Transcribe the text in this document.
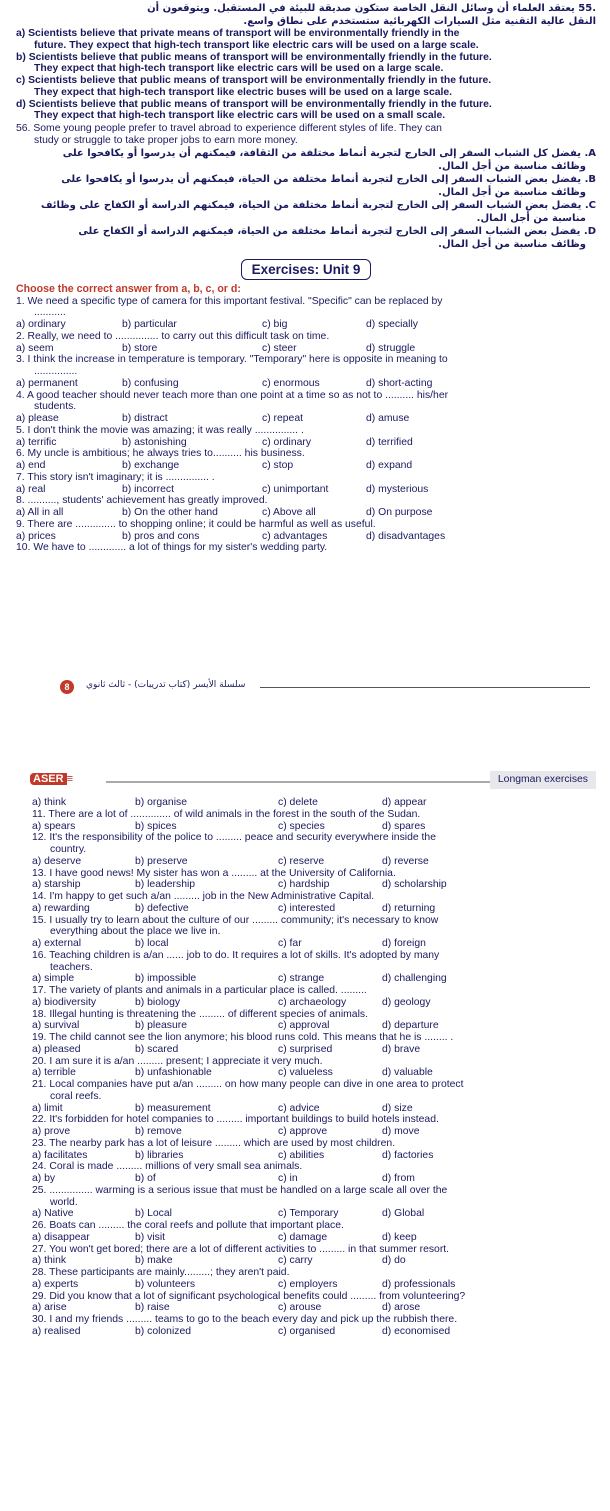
.55 يعتقد العلماء أن وسائل النقل الخاصة ستكون صديقة للبيئة في المستقبل. ويتوقعون أن
النقل عالية التقنية مثل السيارات الكهربائية ستستخدم على نطاق واسع.
a) Scientists believe that private means of transport will be environmentally friendly in the
future. They expect that high-tech transport like electric cars will be used on a large scale.
b) Scientists believe that public means of transport will be environmentally friendly in the future.
They expect that high-tech transport like electric cars will be used on a large scale.
c) Scientists believe that public means of transport will be environmentally friendly in the future.
They expect that high-tech transport like electric buses will be used on a large scale.
d) Scientists believe that public means of transport will be environmentally friendly in the future.
They expect that high-tech transport like electric cars will be used on a small scale.
56. Some young people prefer to travel abroad to experience different styles of life. They can
study or struggle to take proper jobs to earn more money.
A. يفضل كل الشباب السفر إلى الخارج لتجربة أنماط مختلفة من الثقافة، فيمكنهم أن يدرسوا أو يكافحوا على
وظائف مناسبة من أجل المال.
B. يفضل بعض الشباب السفر إلى الخارج لتجربة أنماط مختلفة من الحياة، فيمكنهم أن يدرسوا أو يكافحوا على
وظائف مناسبة من أجل المال.
C. يفضل بعض الشباب السفر إلى الخارج لتجربة أنماط مختلفة من الحياة، فيمكنهم الدراسة أو الكفاح على وظائف
مناسبة من أجل المال.
D. يفضل بعض الشباب السفر إلى الخارج لتجربة أنماط مختلفة من الحياة، فيمكنهم الدراسة أو الكفاح على
وظائف مناسبة من أجل المال.
Exercises: Unit 9
Choose the correct answer from a, b, c, or d:
1. We need a specific type of camera for this important festival. "Specific" can be replaced by
...........
a) ordinary	b) particular	c) big	d) specially
2. Really, we need to ............... to carry out this difficult task on time.
a) seem	b) store	c) steer	d) struggle
3. I think the increase in temperature is temporary. "Temporary" here is opposite in meaning to
...............
a) permanent	b) confusing	c) enormous	d) short-acting
4. A good teacher should never teach more than one point at a time so as not to .......... his/her
students.
a) please	b) distract	c) repeat	d) amuse
5. I don't think the movie was amazing; it was really ............... .
a) terrific	b) astonishing	c) ordinary	d) terrified
6. My uncle is ambitious; he always tries to.......... his business.
a) end	b) exchange	c) stop	d) expand
7. This story isn't imaginary; it is ............... .
a) real	b) incorrect	c) unimportant	d) mysterious
8. .........., students' achievement has greatly improved.
a) All in all	b) On the other hand	c) Above all	d) On purpose
9. There are .............. to shopping online; it could be harmful as well as useful.
a) prices	b) pros and cons	c) advantages	d) disadvantages
10. We have to ............. a lot of things for my sister's wedding party.
8	سلسلة الأيسر (كتاب تدريبات) - ثالث ثانوي
ASER ≡	Longman exercises
a) think	b) organise	c) delete	d) appear
11. There are a lot of .............. of wild animals in the forest in the south of the Sudan.
a) spears	b) spices	c) species	d) spares
12. It's the responsibility of the police to ......... peace and security everywhere inside the
country.
a) deserve	b) preserve	c) reserve	d) reverse
13. I have good news! My sister has won a ......... at the University of California.
a) starship	b) leadership	c) hardship	d) scholarship
14. I'm happy to get such a/an ......... job in the New Administrative Capital.
a) rewarding	b) defective	c) interested	d) returning
15. I usually try to learn about the culture of our ......... community; it's necessary to know
everything about the place we live in.
a) external	b) local	c) far	d) foreign
16. Teaching children is a/an ...... job to do. It requires a lot of skills. It's adopted by many
teachers.
a) simple	b) impossible	c) strange	d) challenging
17. The variety of plants and animals in a particular place is called. .........
a) biodiversity	b) biology	c) archaeology	d) geology
18. Illegal hunting is threatening the ......... of different species of animals.
a) survival	b) pleasure	c) approval	d) departure
19. The child cannot see the lion anymore; his blood runs cold. This means that he is ........ .
a) pleased	b) scared	c) surprised	d) brave
20. I am sure it is a/an ......... present; I appreciate it very much.
a) terrible	b) unfashionable	c) valueless	d) valuable
21. Local companies have put a/an ......... on how many people can dive in one area to protect
coral reefs.
a) limit	b) measurement	c) advice	d) size
22. It's forbidden for hotel companies to ......... important buildings to build hotels instead.
a) prove	b) remove	c) approve	d) move
23. The nearby park has a lot of leisure ......... which are used by most children.
a) facilitates	b) libraries	c) abilities	d) factories
24. Coral is made ......... millions of very small sea animals.
a) by	b) of	c) in	d) from
25. ............... warming is a serious issue that must be handled on a large scale all over the
world.
a) Native	b) Local	c) Temporary	d) Global
26. Boats can ......... the coral reefs and pollute that important place.
a) disappear	b) visit	c) damage	d) keep
27. You won't get bored; there are a lot of different activities to ......... in that summer resort.
a) think	b) make	c) carry	d) do
28. These participants are mainly.........; they aren't paid.
a) experts	b) volunteers	c) employers	d) professionals
29. Did you know that a lot of significant psychological benefits could ......... from volunteering?
a) arise	b) raise	c) arouse	d) arose
30. I and my friends ......... teams to go to the beach every day and pick up the rubbish there.
a) realised	b) colonized	c) organised	d) economised
